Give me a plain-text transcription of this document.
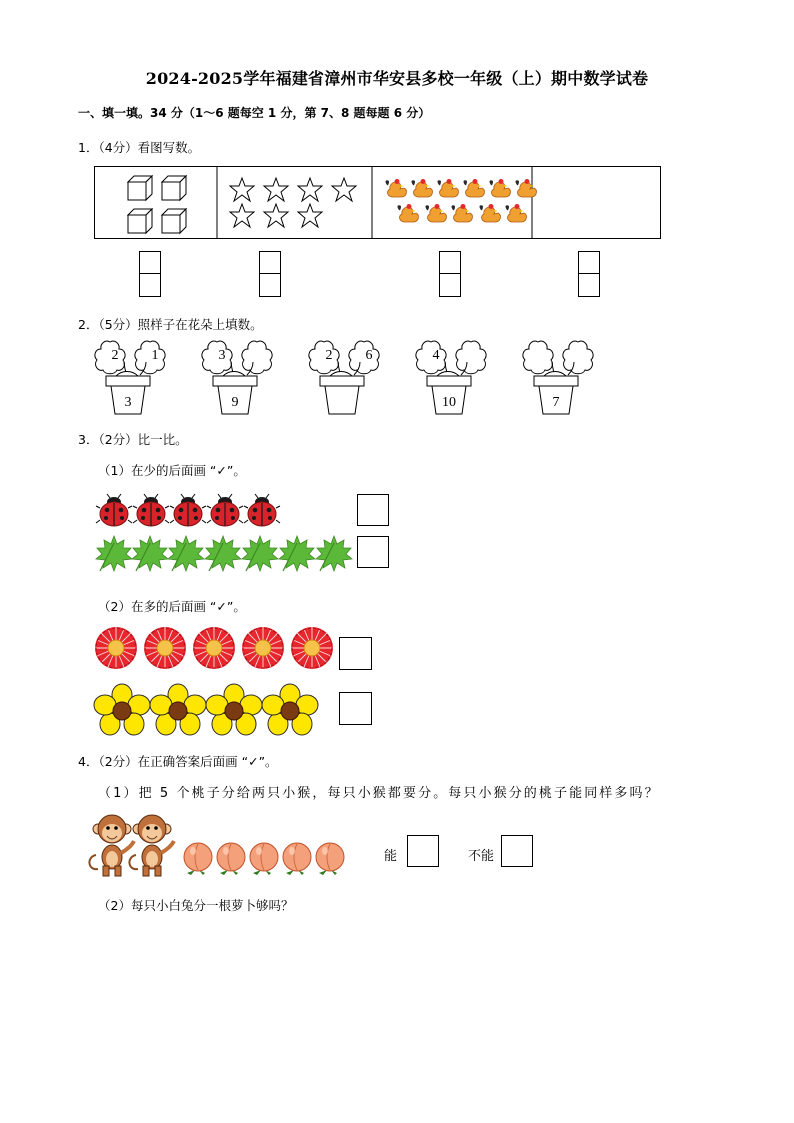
2024-2025学年福建省漳州市华安县多校一年级（上）期中数学试卷
一、填一填。34 分（1～6 题每空 1 分，第 7、8 题每题 6 分）
1．（4分）看图写数。
2．（5分）照样子在花朵上填数。
2	1
3
3
9
2	6	4
10	7
3．（2分）比一比。
（1）在少的后面画 “✓”。
（2）在多的后面画 “✓”。
4．（2分）在正确答案后面画 “✓”。
（1）把 5 个桃子分给两只小猴，每只小猴都要分。每只小猴分的桃子能同样多吗？
能	不能
（2）每只小白兔分一根萝卜够吗？
